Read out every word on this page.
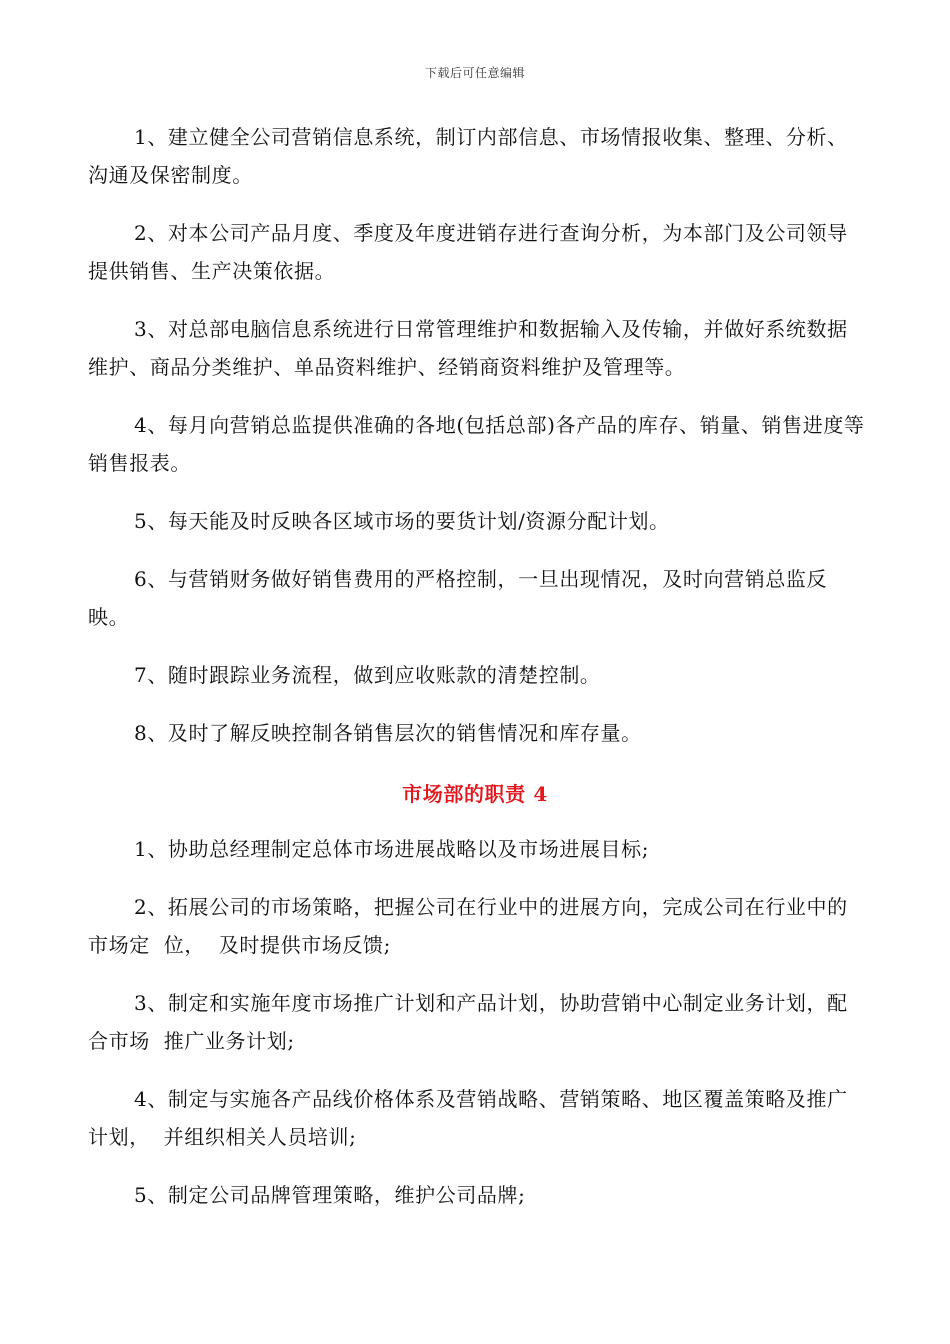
下载后可任意编辑

1、建立健全公司营销信息系统，制订内部信息、市场情报收集、整理、分析、沟通及保密制度。

2、对本公司产品月度、季度及年度进销存进行查询分析，为本部门及公司领导提供销售、生产决策依据。

3、对总部电脑信息系统进行日常管理维护和数据输入及传输，并做好系统数据维护、商品分类维护、单品资料维护、经销商资料维护及管理等。

4、每月向营销总监提供准确的各地(包括总部)各产品的库存、销量、销售进度等销售报表。

5、每天能及时反映各区域市场的要货计划/资源分配计划。

6、与营销财务做好销售费用的严格控制，一旦出现情况，及时向营销总监反映。

7、随时跟踪业务流程，做到应收账款的清楚控制。

8、及时了解反映控制各销售层次的销售情况和库存量。

市场部的职责 4

1、协助总经理制定总体市场进展战略以及市场进展目标;

2、拓展公司的市场策略，把握公司在行业中的进展方向，完成公司在行业中的市场定  位，  及时提供市场反馈;

3、制定和实施年度市场推广计划和产品计划，协助营销中心制定业务计划，配合市场  推广业务计划;

4、制定与实施各产品线价格体系及营销战略、营销策略、地区覆盖策略及推广计划，  并组织相关人员培训;

5、制定公司品牌管理策略，维护公司品牌;
